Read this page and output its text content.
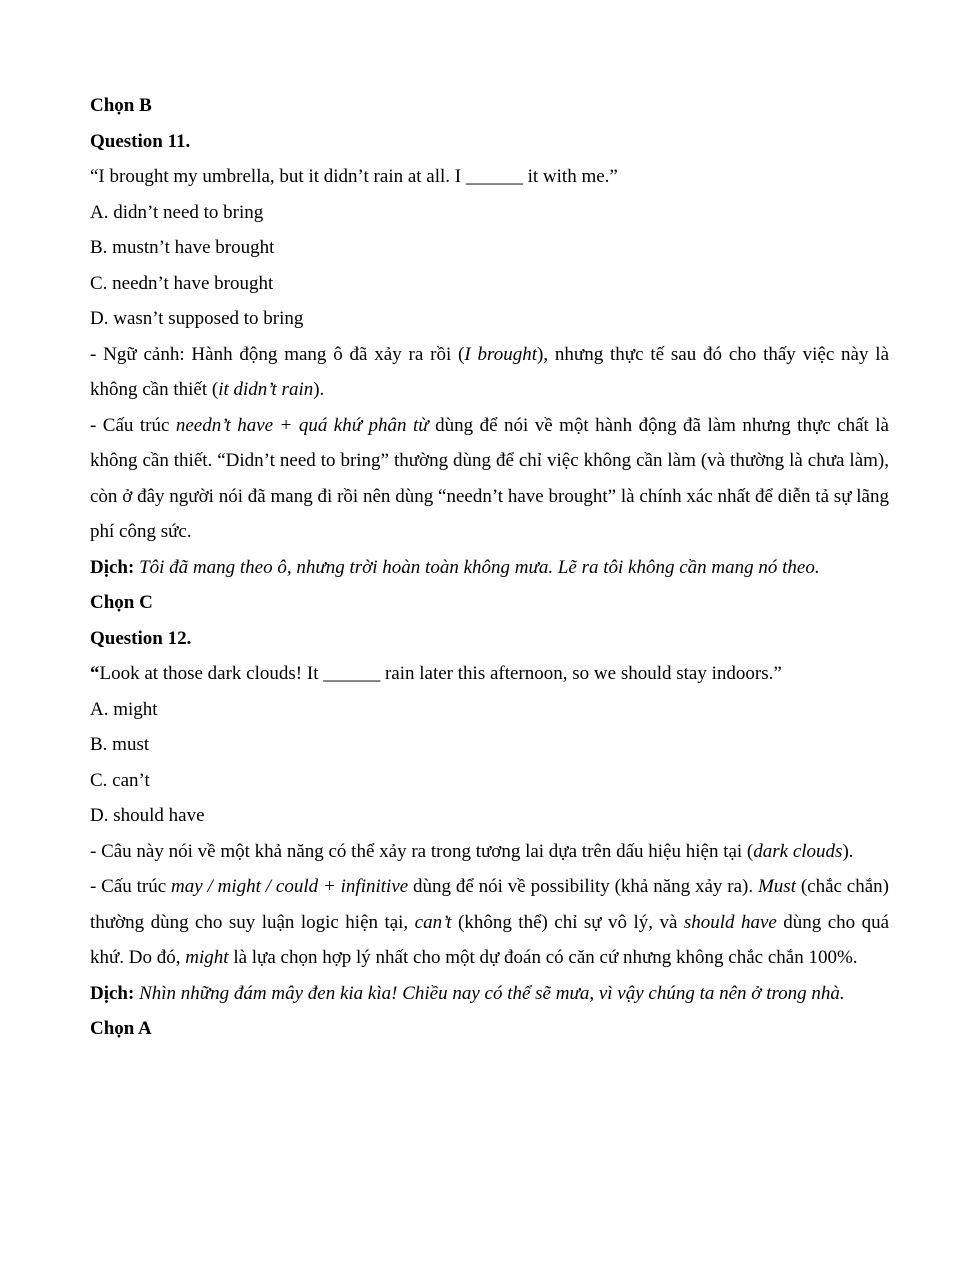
Chọn B

Question 11.

“I brought my umbrella, but it didn’t rain at all. I ______ it with me.”

A. didn’t need to bring

B. mustn’t have brought

C. needn’t have brought

D. wasn’t supposed to bring

- Ngữ cảnh: Hành động mang ô đã xảy ra rồi (I brought), nhưng thực tế sau đó cho thấy việc này là không cần thiết (it didn’t rain).

- Cấu trúc needn’t have + quá khứ phân từ dùng để nói về một hành động đã làm nhưng thực chất là không cần thiết. “Didn’t need to bring” thường dùng để chỉ việc không cần làm (và thường là chưa làm), còn ở đây người nói đã mang đi rồi nên dùng “needn’t have brought” là chính xác nhất để diễn tả sự lãng phí công sức.

Dịch: Tôi đã mang theo ô, nhưng trời hoàn toàn không mưa. Lẽ ra tôi không cần mang nó theo.

Chọn C

Question 12.

“Look at those dark clouds! It ______ rain later this afternoon, so we should stay indoors.”

A. might

B. must

C. can’t

D. should have

- Câu này nói về một khả năng có thể xảy ra trong tương lai dựa trên dấu hiệu hiện tại (dark clouds).

- Cấu trúc may / might / could + infinitive dùng để nói về possibility (khả năng xảy ra). Must (chắc chắn) thường dùng cho suy luận logic hiện tại, can’t (không thể) chỉ sự vô lý, và should have dùng cho quá khứ. Do đó, might là lựa chọn hợp lý nhất cho một dự đoán có căn cứ nhưng không chắc chắn 100%.

Dịch: Nhìn những đám mây đen kia kìa! Chiều nay có thể sẽ mưa, vì vậy chúng ta nên ở trong nhà.

Chọn A
